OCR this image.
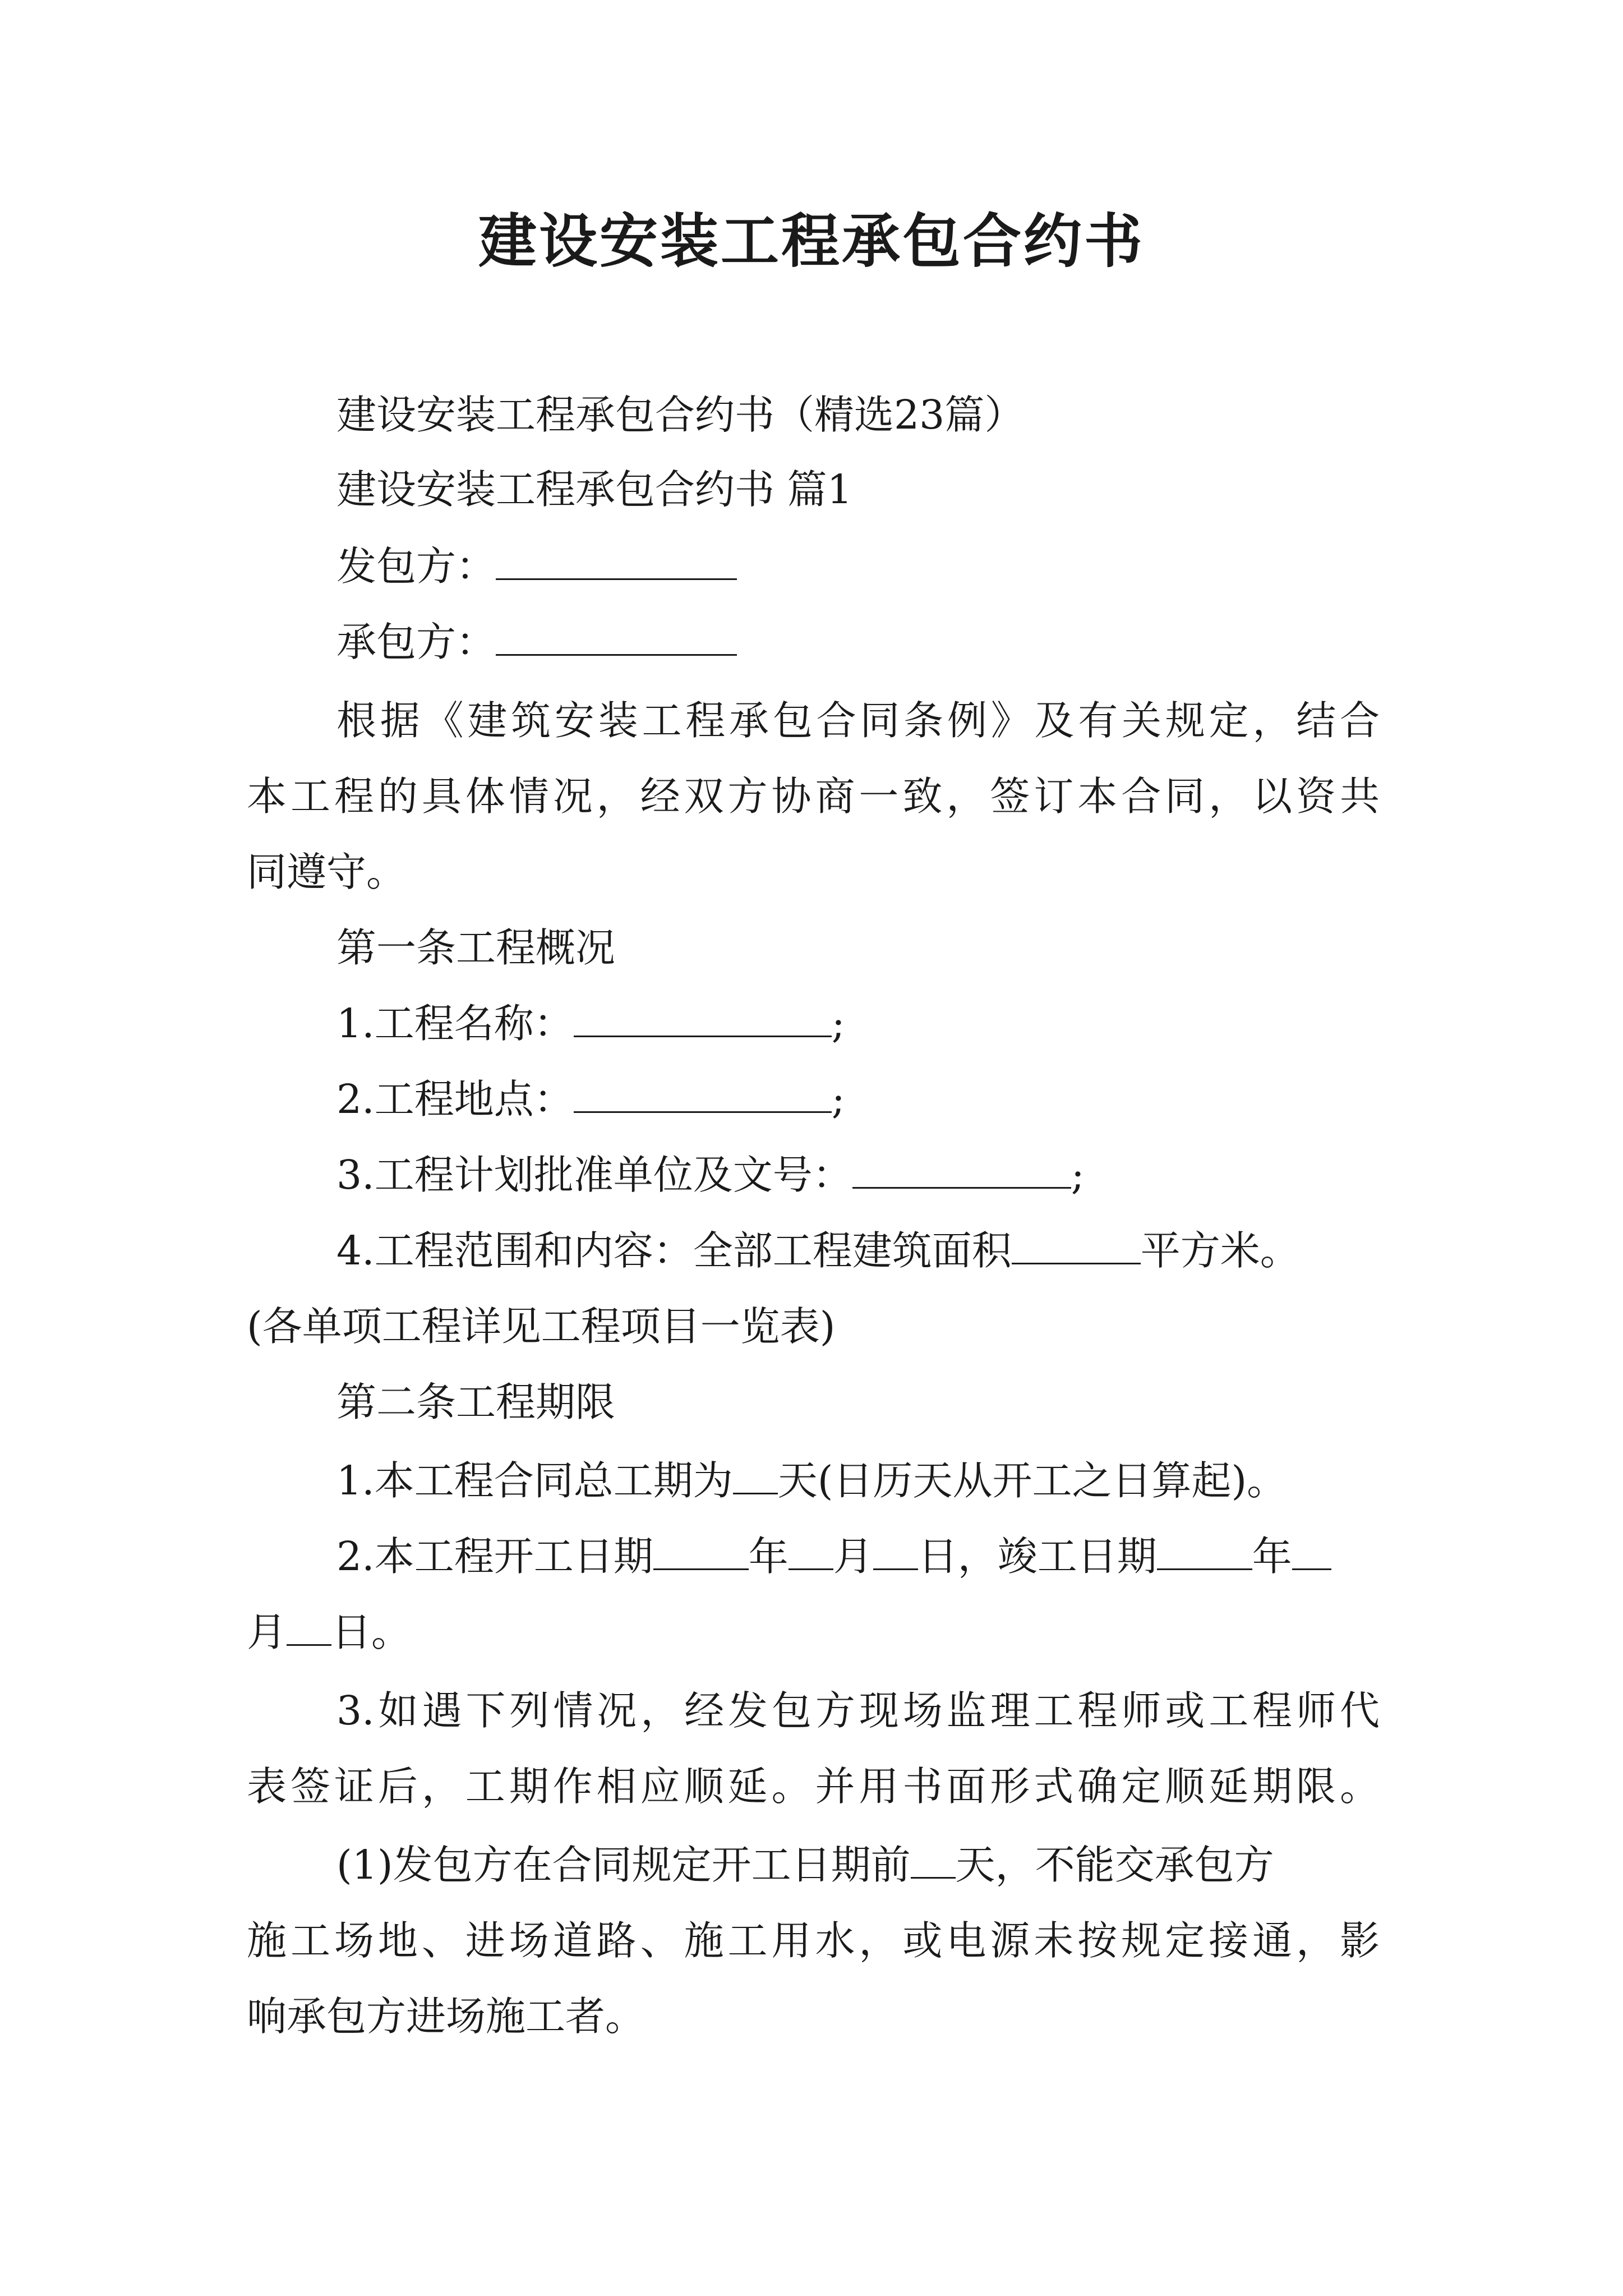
建设安装工程承包合约书
建设安装工程承包合约书（精选23篇）
建设安装工程承包合约书 篇1
发包方：
承包方：
根据《建筑安装工程承包合同条例》及有关规定，结合
本工程的具体情况，经双方协商一致，签订本合同，以资共
同遵守。
第一条工程概况
1.工程名称：	;
2.工程地点：	;
3.工程计划批准单位及文号：	;
4.工程范围和内容：全部工程建筑面积	平方米。
(各单项工程详见工程项目一览表)
第二条工程期限
1.本工程合同总工期为 天(日历天从开工之日算起)。
2.本工程开工日期 年 月 日，竣工日期 年
月 日。
3.如遇下列情况，经发包方现场监理工程师或工程师代
表签证后，工期作相应顺延。并用书面形式确定顺延期限。
(1)发包方在合同规定开工日期前 天，不能交承包方
施工场地、进场道路、施工用水，或电源未按规定接通，影
响承包方进场施工者。
